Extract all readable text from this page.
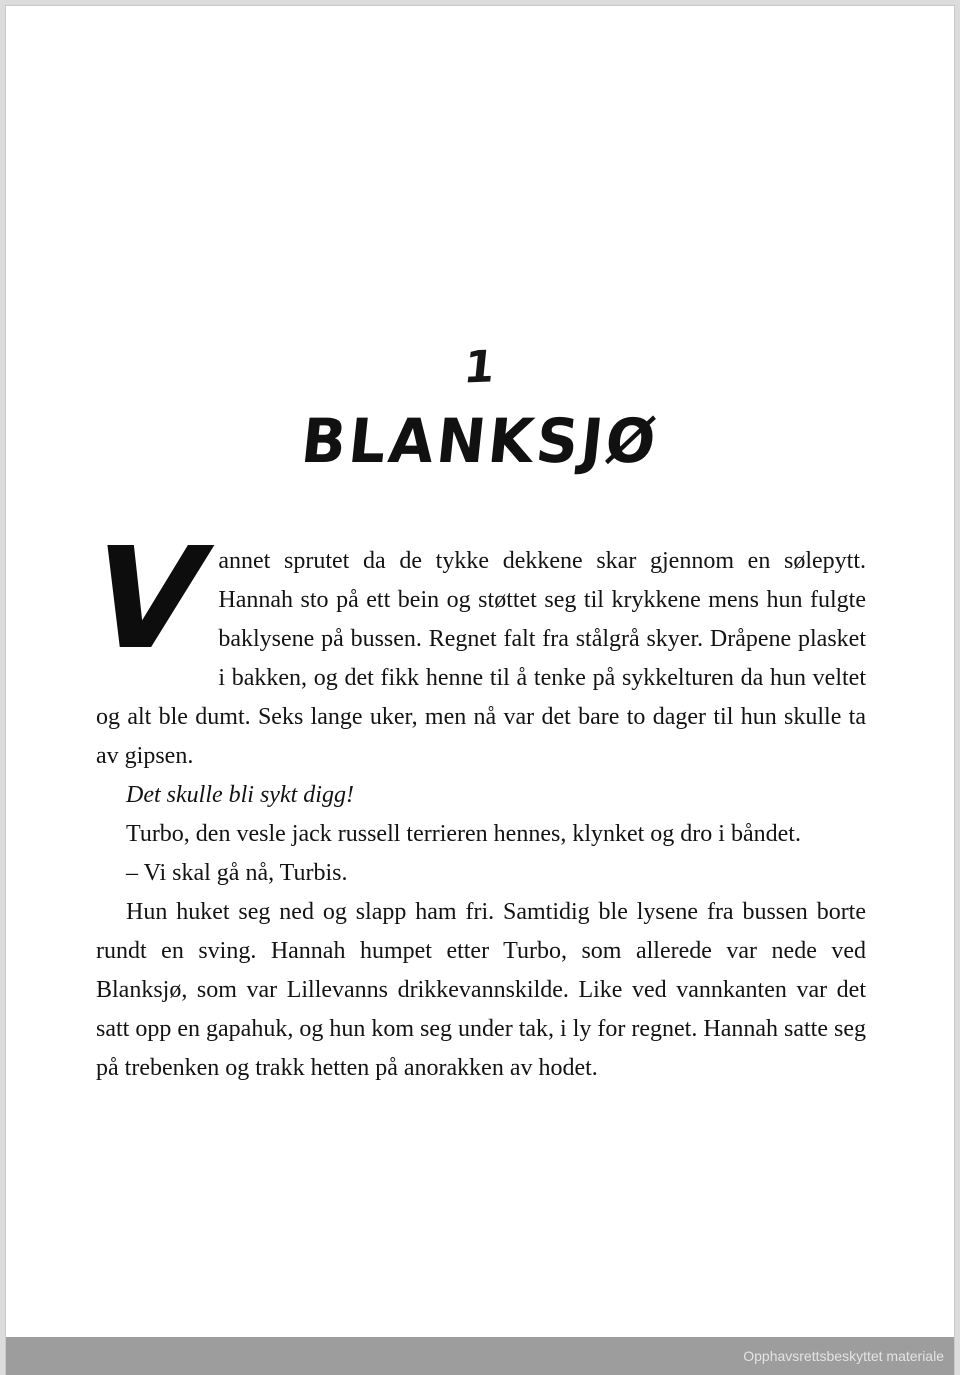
1
BLANKSJØ

V
annet sprutet da de tykke dekkene skar gjennom en sølepytt. Hannah sto på ett bein og støttet seg til krykkene mens hun fulgte baklysene på bussen. Regnet falt fra stålgrå skyer. Dråpene plasket i bakken, og det fikk henne til å tenke på sykkelturen da hun veltet og alt ble dumt. Seks lange uker, men nå var det bare to dager til hun skulle ta av gipsen.

Det skulle bli sykt digg!

Turbo, den vesle jack russell terrieren hennes, klynket og dro i båndet.

– Vi skal gå nå, Turbis.

Hun huket seg ned og slapp ham fri. Samtidig ble lysene fra bussen borte rundt en sving. Hannah humpet etter Turbo, som allerede var nede ved Blanksjø, som var Lillevanns drikkevannskilde. Like ved vannkanten var det satt opp en gapahuk, og hun kom seg under tak, i ly for regnet. Hannah satte seg på trebenken og trakk hetten på anorakken av hodet.

Opphavsrettsbeskyttet materiale
